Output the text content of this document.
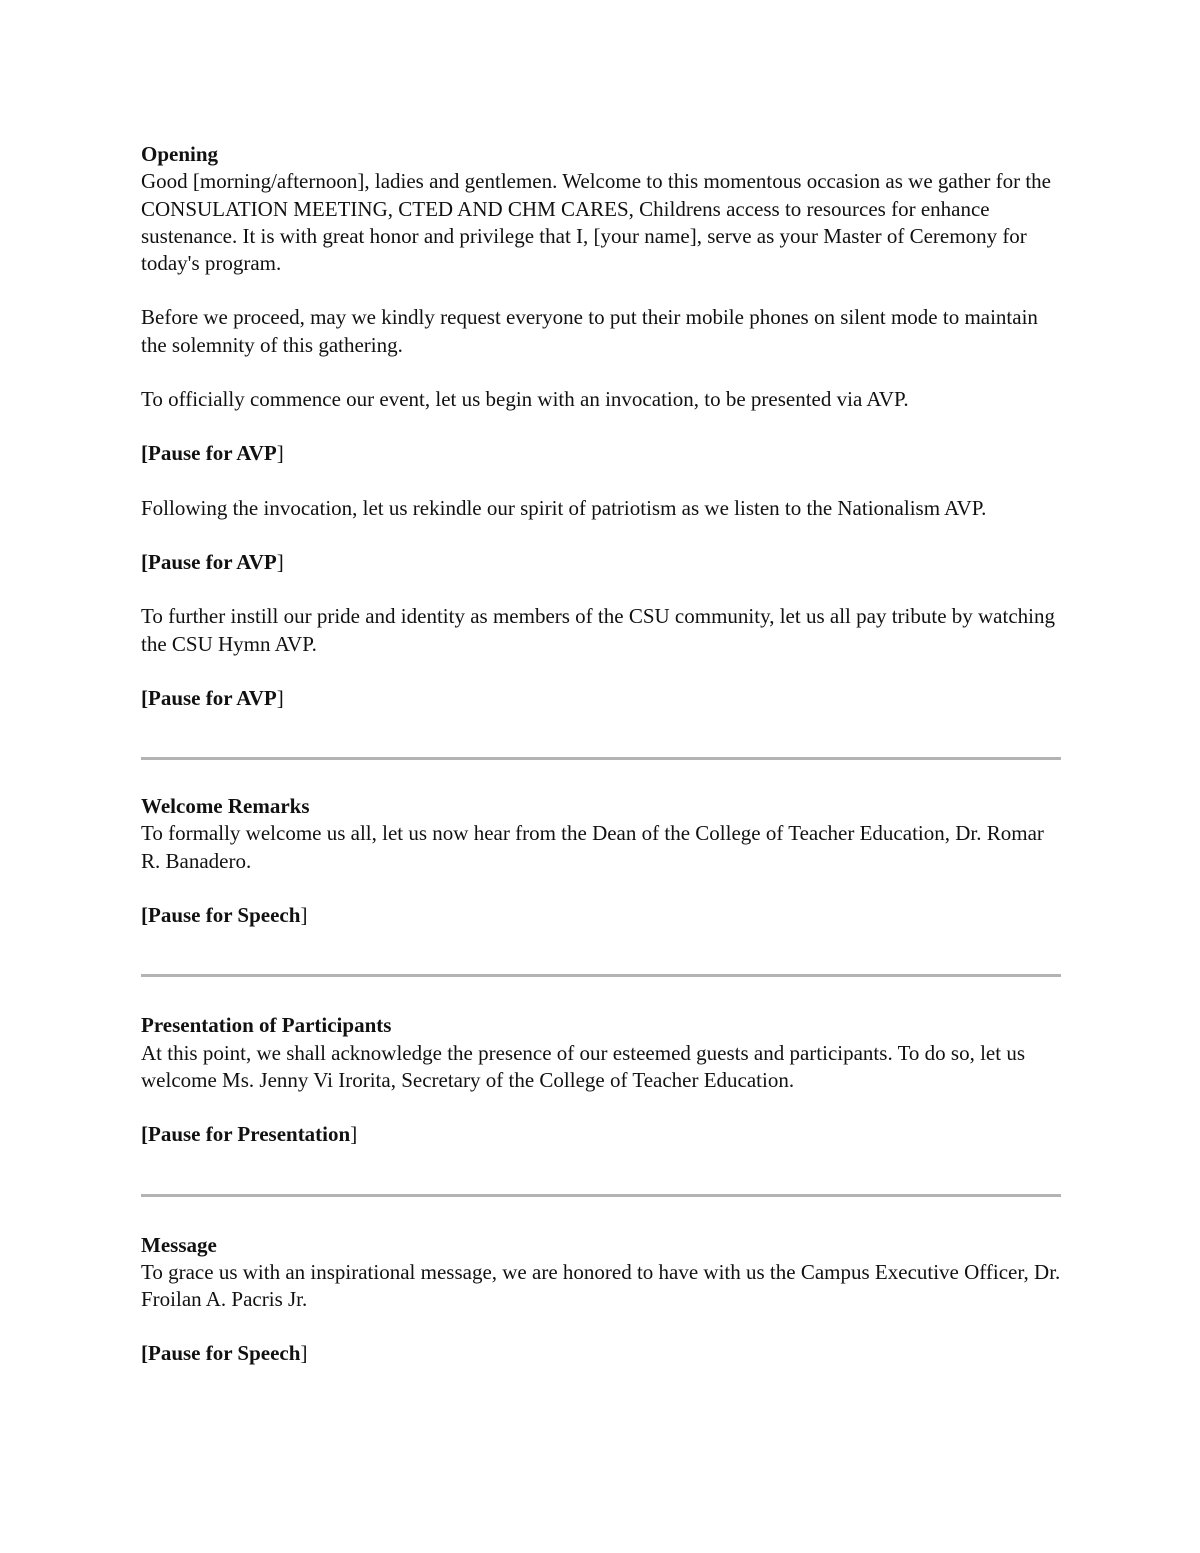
Opening

Good [morning/afternoon], ladies and gentlemen. Welcome to this momentous occasion as we gather for the CONSULATION MEETING, CTED AND CHM CARES, Childrens access to resources for enhance sustenance. It is with great honor and privilege that I, [your name], serve as your Master of Ceremony for today's program.

Before we proceed, may we kindly request everyone to put their mobile phones on silent mode to maintain the solemnity of this gathering.

To officially commence our event, let us begin with an invocation, to be presented via AVP.

[Pause for AVP]

Following the invocation, let us rekindle our spirit of patriotism as we listen to the Nationalism AVP.

[Pause for AVP]

To further instill our pride and identity as members of the CSU community, let us all pay tribute by watching the CSU Hymn AVP.

[Pause for AVP]
Welcome Remarks

To formally welcome us all, let us now hear from the Dean of the College of Teacher Education, Dr. Romar R. Banadero.

[Pause for Speech]
Presentation of Participants

At this point, we shall acknowledge the presence of our esteemed guests and participants. To do so, let us welcome Ms. Jenny Vi Irorita, Secretary of the College of Teacher Education.

[Pause for Presentation]
Message

To grace us with an inspirational message, we are honored to have with us the Campus Executive Officer, Dr. Froilan A. Pacris Jr.

[Pause for Speech]
